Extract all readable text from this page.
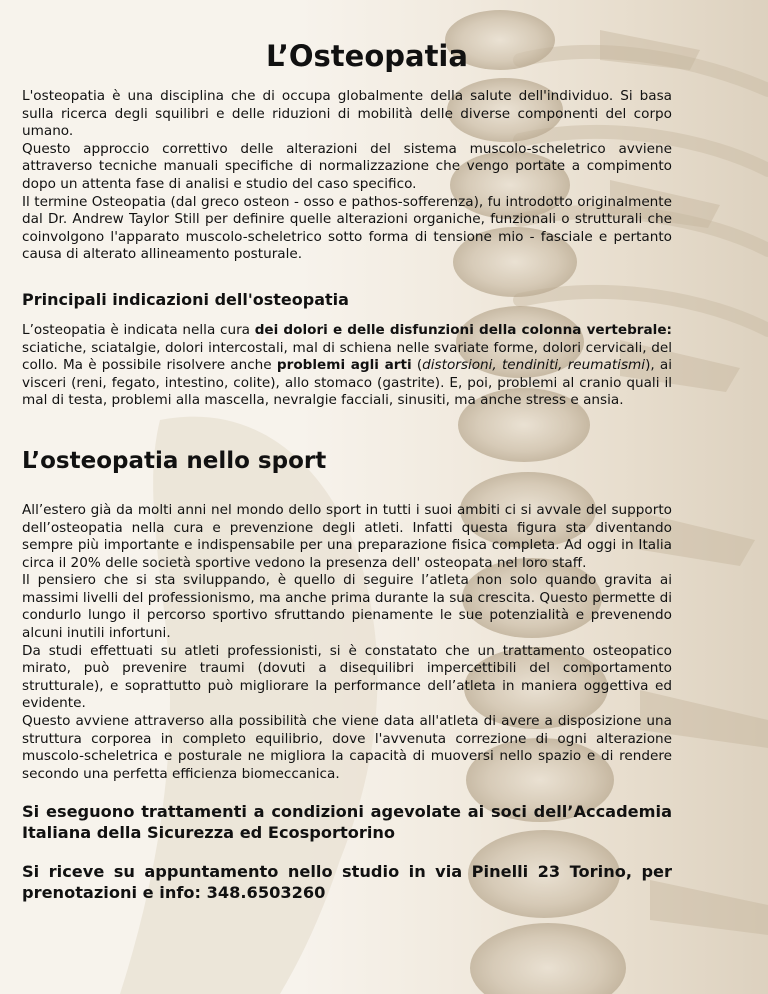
L’Osteopatia

L'osteopatia è una disciplina che di occupa globalmente della salute dell'individuo. Si basa sulla ricerca degli squilibri e delle riduzioni di mobilità delle diverse componenti del corpo umano.

Questo approccio correttivo delle alterazioni del sistema muscolo-scheletrico avviene attraverso tecniche manuali specifiche di normalizzazione che vengo portate a compimento dopo un attenta fase di analisi e studio del caso specifico.

Il termine Osteopatia (dal greco osteon - osso e pathos-sofferenza), fu introdotto originalmente dal Dr. Andrew Taylor Still per definire quelle alterazioni organiche, funzionali o strutturali che coinvolgono l'apparato muscolo-scheletrico sotto forma di tensione mio - fasciale e pertanto causa di alterato allineamento posturale.

Principali indicazioni dell'osteopatia

L’osteopatia è indicata nella cura dei dolori e delle disfunzioni della colonna vertebrale: sciatiche, sciatalgie, dolori intercostali, mal di schiena nelle svariate forme, dolori cervicali, del collo. Ma è possibile risolvere anche problemi agli arti (distorsioni, tendiniti, reumatismi), ai visceri (reni, fegato, intestino, colite), allo stomaco (gastrite). E, poi, problemi al cranio quali il mal di testa, problemi alla mascella, nevralgie facciali, sinusiti, ma anche stress e ansia.

L’osteopatia nello sport

All’estero già da molti anni nel mondo dello sport in tutti i suoi ambiti ci si avvale del supporto dell’osteopatia nella cura e prevenzione degli atleti. Infatti questa figura sta diventando sempre più importante e indispensabile per una preparazione fisica completa. Ad oggi in Italia circa il 20% delle società sportive vedono la presenza dell' osteopata nel loro staff.

Il pensiero che si sta sviluppando, è quello di seguire l’atleta non solo quando gravita ai massimi livelli del professionismo, ma anche prima durante la sua crescita. Questo permette di condurlo lungo il percorso sportivo sfruttando pienamente le sue potenzialità e prevenendo alcuni inutili infortuni.

Da studi effettuati su atleti professionisti, si è constatato che un trattamento osteopatico mirato, può prevenire traumi (dovuti a disequilibri impercettibili del comportamento strutturale), e soprattutto può migliorare la performance dell’atleta in maniera oggettiva ed evidente.

Questo avviene attraverso alla possibilità che viene data all'atleta di avere a disposizione una struttura corporea in completo equilibrio, dove l'avvenuta correzione di ogni alterazione muscolo-scheletrica e posturale ne migliora la capacità di muoversi nello spazio e di rendere secondo una perfetta efficienza biomeccanica.

Si eseguono trattamenti a condizioni agevolate ai soci dell’Accademia Italiana della Sicurezza ed Ecosportorino

Si riceve su appuntamento nello studio in via Pinelli 23 Torino, per prenotazioni e info: 348.6503260
